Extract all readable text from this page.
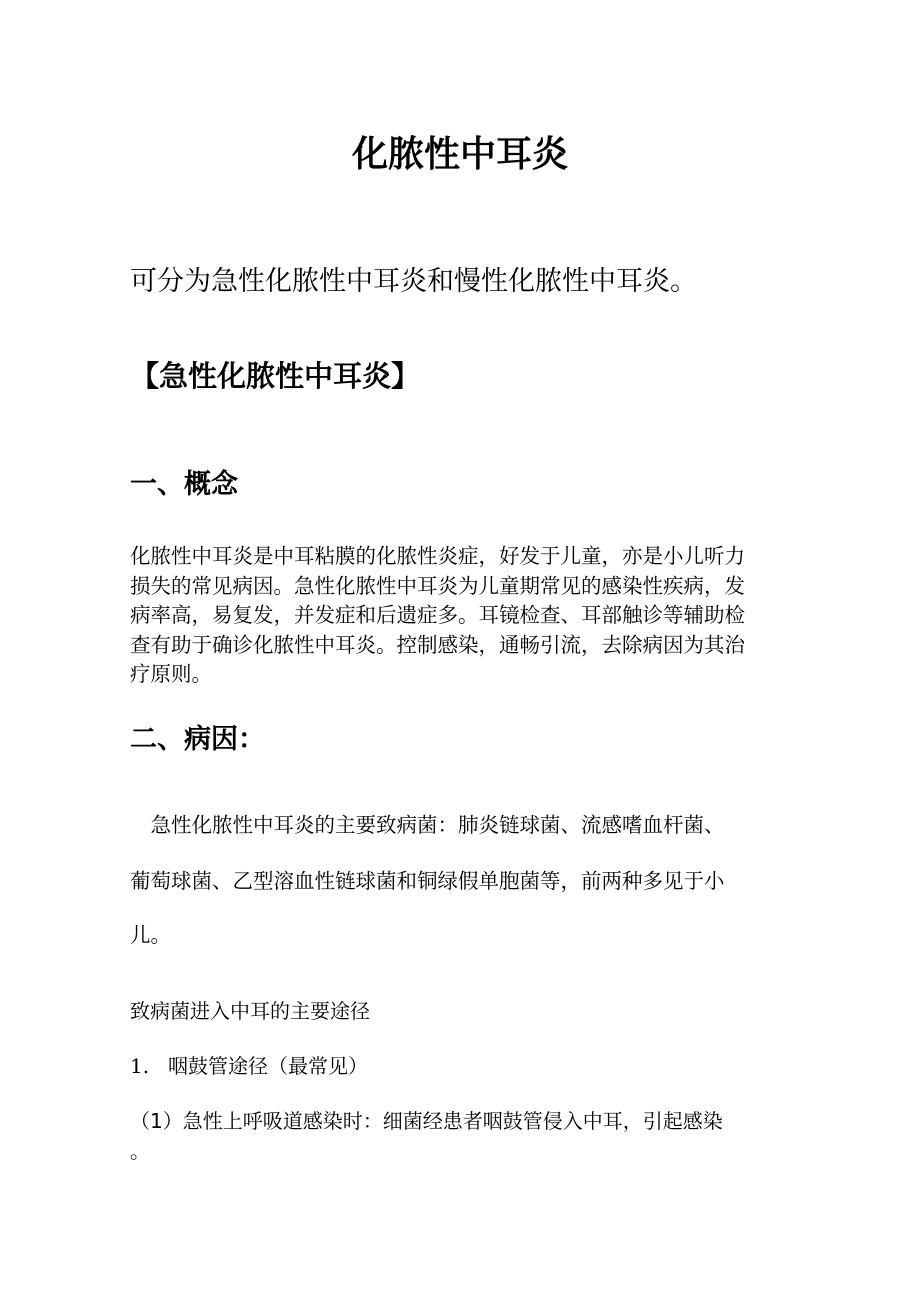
化脓性中耳炎

可分为急性化脓性中耳炎和慢性化脓性中耳炎。

【急性化脓性中耳炎】
一、概念
化脓性中耳炎是中耳粘膜的化脓性炎症，好发于儿童，亦是小儿听力
损失的常见病因。急性化脓性中耳炎为儿童期常见的感染性疾病，发
病率高，易复发，并发症和后遗症多。耳镜检查、耳部触诊等辅助检
查有助于确诊化脓性中耳炎。控制感染，通畅引流，去除病因为其治
疗原则。
二、病因：

　急性化脓性中耳炎的主要致病菌：肺炎链球菌、流感嗜血杆菌、

葡萄球菌、乙型溶血性链球菌和铜绿假单胞菌等，前两种多见于小

儿。

致病菌进入中耳的主要途径

1. 咽鼓管途径（最常见）

（1）急性上呼吸道感染时：细菌经患者咽鼓管侵入中耳，引起感染

。
